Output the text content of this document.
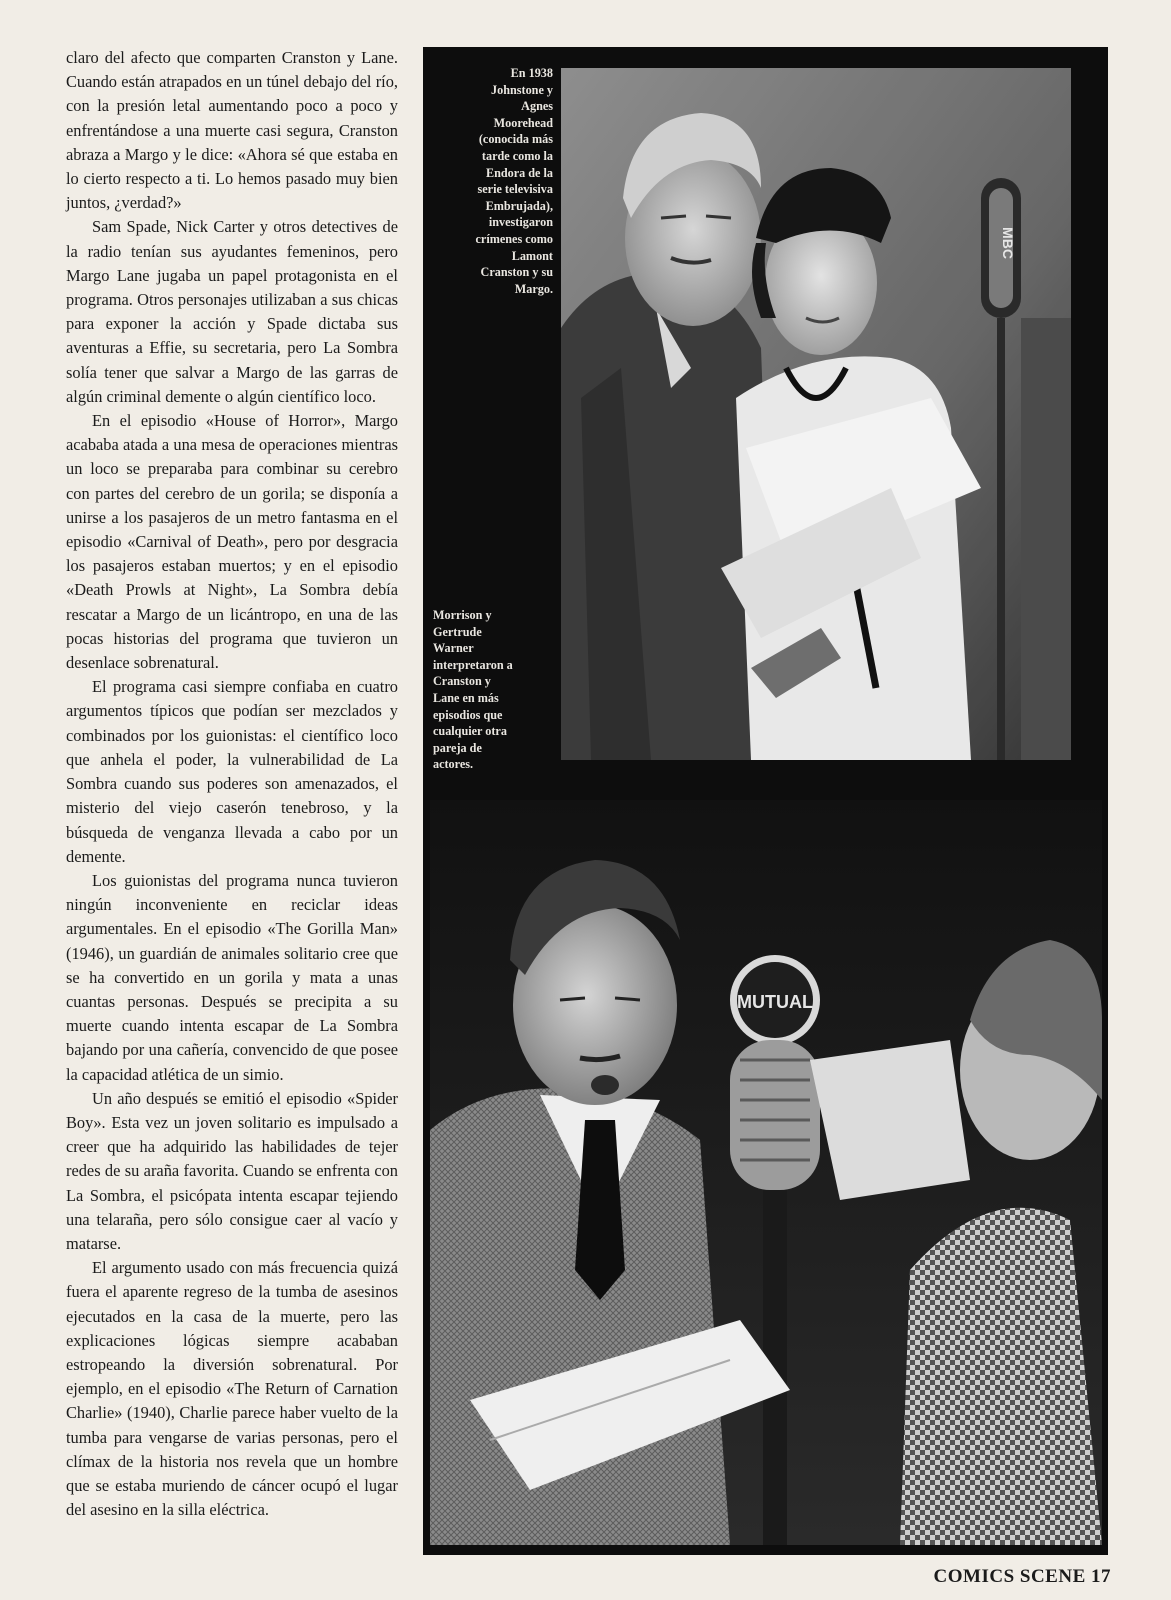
claro del afecto que comparten Cranston y Lane. Cuando están atrapados en un túnel debajo del río, con la presión letal aumentando poco a poco y enfrentándose a una muerte casi segura, Cranston abraza a Margo y le dice: «Ahora sé que estaba en lo cierto respecto a ti. Lo hemos pasado muy bien juntos, ¿verdad?»

Sam Spade, Nick Carter y otros detectives de la radio tenían sus ayudantes femeninos, pero Margo Lane jugaba un papel protagonista en el programa. Otros personajes utilizaban a sus chicas para exponer la acción y Spade dictaba sus aventuras a Effie, su secretaria, pero La Sombra solía tener que salvar a Margo de las garras de algún criminal demente o algún científico loco.

En el episodio «House of Horror», Margo acababa atada a una mesa de operaciones mientras un loco se preparaba para combinar su cerebro con partes del cerebro de un gorila; se disponía a unirse a los pasajeros de un metro fantasma en el episodio «Carnival of Death», pero por desgracia los pasajeros estaban muertos; y en el episodio «Death Prowls at Night», La Sombra debía rescatar a Margo de un licántropo, en una de las pocas historias del programa que tuvieron un desenlace sobrenatural.

El programa casi siempre confiaba en cuatro argumentos típicos que podían ser mezclados y combinados por los guionistas: el científico loco que anhela el poder, la vulnerabilidad de La Sombra cuando sus poderes son amenazados, el misterio del viejo caserón tenebroso, y la búsqueda de venganza llevada a cabo por un demente.

Los guionistas del programa nunca tuvieron ningún inconveniente en reciclar ideas argumentales. En el episodio «The Gorilla Man» (1946), un guardián de animales solitario cree que se ha convertido en un gorila y mata a unas cuantas personas. Después se precipita a su muerte cuando intenta escapar de La Sombra bajando por una cañería, convencido de que posee la capacidad atlética de un simio.

Un año después se emitió el episodio «Spider Boy». Esta vez un joven solitario es impulsado a creer que ha adquirido las habilidades de tejer redes de su araña favorita. Cuando se enfrenta con La Sombra, el psicópata intenta escapar tejiendo una telaraña, pero sólo consigue caer al vacío y matarse.

El argumento usado con más frecuencia quizá fuera el aparente regreso de la tumba de asesinos ejecutados en la casa de la muerte, pero las explicaciones lógicas siempre acababan estropeando la diversión sobrenatural. Por ejemplo, en el episodio «The Return of Carnation Charlie» (1940), Charlie parece haber vuelto de la tumba para vengarse de varias personas, pero el clímax de la historia nos revela que un hombre que se estaba muriendo de cáncer ocupó el lugar del asesino en la silla eléctrica.

En 1938
Johnstone y
Agnes
Moorehead
(conocida más
tarde como la
Endora de la
serie televisiva
Embrujada),
investigaron
crímenes como
Lamont
Cranston y su
Margo.
MBC
Morrison y
Gertrude
Warner
interpretaron a
Cranston y
Lane en más
episodios que
cualquier otra
pareja de
actores.
MUTUAL
COMICS SCENE 17
